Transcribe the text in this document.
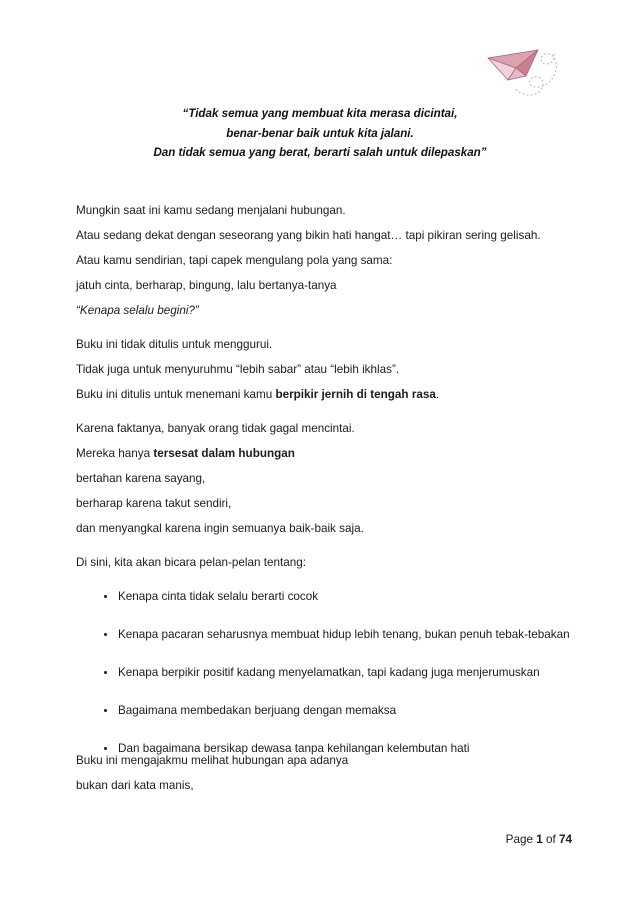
“Tidak semua yang membuat kita merasa dicintai,
benar-benar baik untuk kita jalani.
Dan tidak semua yang berat, berarti salah untuk dilepaskan”
Mungkin saat ini kamu sedang menjalani hubungan.
Atau sedang dekat dengan seseorang yang bikin hati hangat… tapi pikiran sering gelisah.
Atau kamu sendirian, tapi capek mengulang pola yang sama:
jatuh cinta, berharap, bingung, lalu bertanya-tanya
“Kenapa selalu begini?”
Buku ini tidak ditulis untuk menggurui.
Tidak juga untuk menyuruhmu “lebih sabar” atau “lebih ikhlas”.
Buku ini ditulis untuk menemani kamu berpikir jernih di tengah rasa.
Karena faktanya, banyak orang tidak gagal mencintai.
Mereka hanya tersesat dalam hubungan
bertahan karena sayang,
berharap karena takut sendiri,
dan menyangkal karena ingin semuanya baik-baik saja.
Di sini, kita akan bicara pelan-pelan tentang:
Kenapa cinta tidak selalu berarti cocok
Kenapa pacaran seharusnya membuat hidup lebih tenang, bukan penuh tebak-tebakan
Kenapa berpikir positif kadang menyelamatkan, tapi kadang juga menjerumuskan
Bagaimana membedakan berjuang dengan memaksa
Dan bagaimana bersikap dewasa tanpa kehilangan kelembutan hati
Buku ini mengajakmu melihat hubungan apa adanya
bukan dari kata manis,
Page 1 of 74
